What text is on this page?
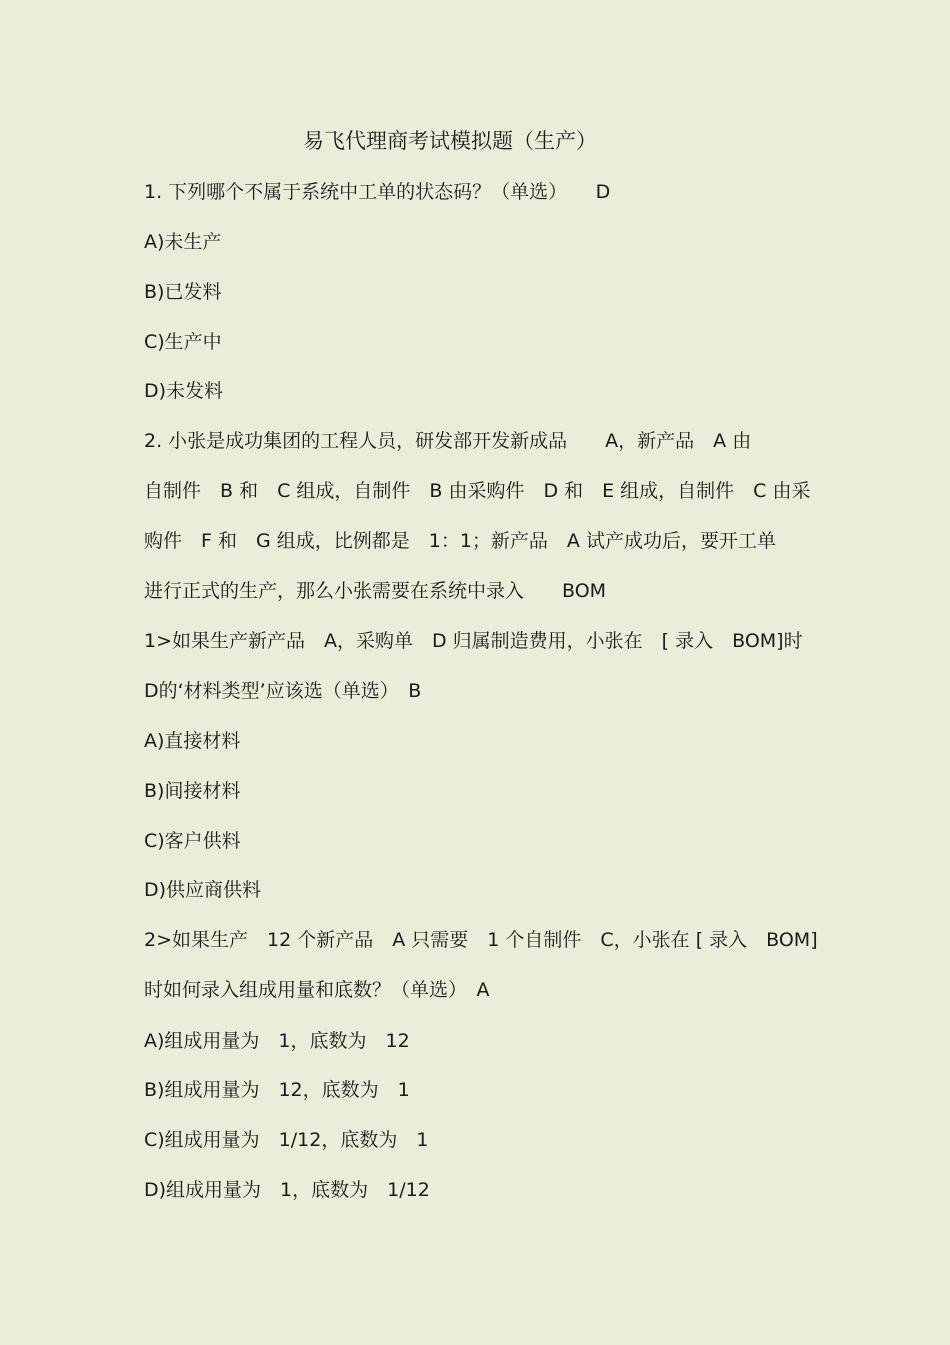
易飞代理商考试模拟题（生产）
1. 下列哪个不属于系统中工单的状态码？（单选）　　D
A)未生产
B)已发料
C)生产中
D)未发料
2. 小张是成功集团的工程人员，研发部开发新成品　　A，新产品　A 由
自制件　B 和　C 组成，自制件　B 由采购件　D 和　E 组成，自制件　C 由采
购件　F 和　G 组成，比例都是　1：1；新产品　A 试产成功后，要开工单
进行正式的生产，那么小张需要在系统中录入　　BOM
1>如果生产新产品　A，采购单　D 归属制造费用，小张在　[ 录入　BOM]时
D的‘材料类型’应该选（单选）　B
A)直接材料
B)间接材料
C)客户供料
D)供应商供料
2>如果生产　12 个新产品　A 只需要　1 个自制件　C，小张在 [ 录入　BOM]
时如何录入组成用量和底数？（单选）　A
A)组成用量为　1，底数为　12
B)组成用量为　12，底数为　1
C)组成用量为　1/12，底数为　1
D)组成用量为　1，底数为　1/12
